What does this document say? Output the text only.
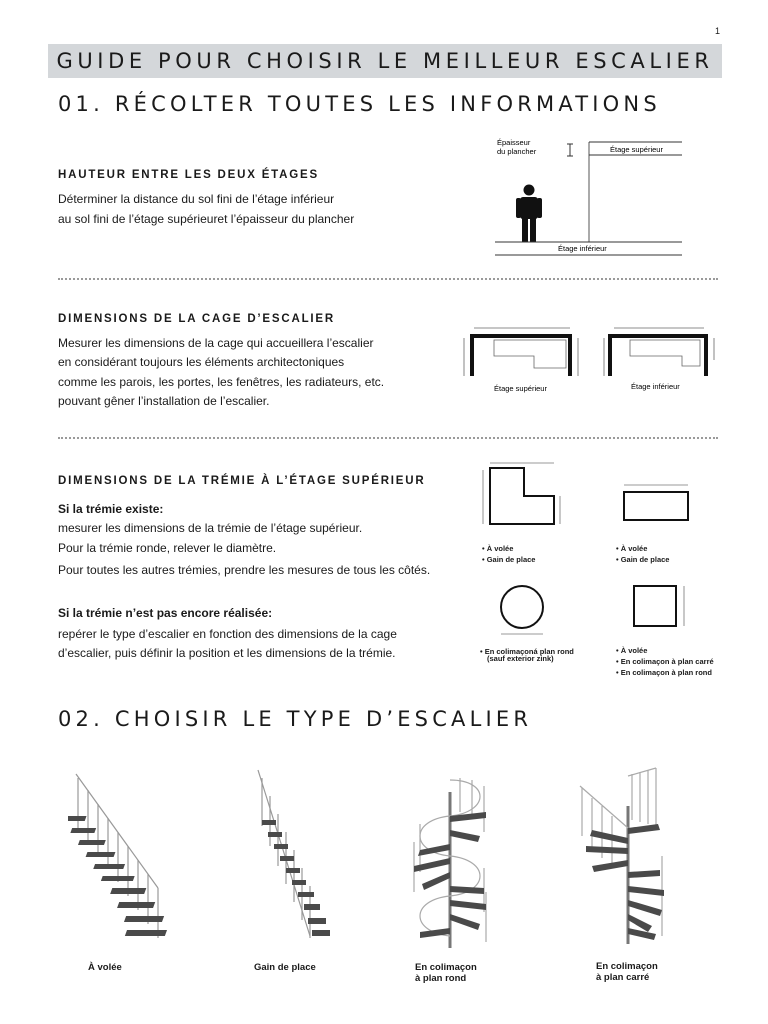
1
GUIDE POUR CHOISIR LE MEILLEUR ESCALIER
01. RÉCOLTER TOUTES LES INFORMATIONS
HAUTEUR ENTRE LES DEUX ÉTAGES
Déterminer la distance du sol fini de l’étage inférieur
au sol fini de l’étage supérieuret l’épaisseur du plancher
Épaisseur
du plancher	Étage supérieur
Étage inférieur
DIMENSIONS DE LA CAGE D’ESCALIER
Mesurer les dimensions de la cage qui accueillera l’escalier
en considérant toujours les éléments architectoniques
comme les parois, les portes, les fenêtres, les radiateurs, etc.
pouvant gêner l’installation de l’escalier.
Étage supérieur	Étage inférieur
DIMENSIONS DE LA TRÉMIE À L’ÉTAGE SUPÉRIEUR
Si la trémie existe:
mesurer les dimensions de la trémie de l’étage supérieur.
Pour la trémie ronde, relever le diamètre.
Pour toutes les autres trémies, prendre les mesures de tous les côtés.
Si la trémie n’est pas encore réalisée:
repérer le type d’escalier en fonction des dimensions de la cage
d’escalier, puis définir la position et les dimensions de la trémie.
• À volée
• Gain de place
• À volée
• Gain de place
• En colimaçoná plan rond
(sauf exterior zink)
• À volée
• En colimaçon à plan carré
• En colimaçon à plan rond
02. CHOISIR LE TYPE D’ESCALIER
À volée	Gain de place	En colimaçon
à plan rond
En colimaçon
à plan carré
